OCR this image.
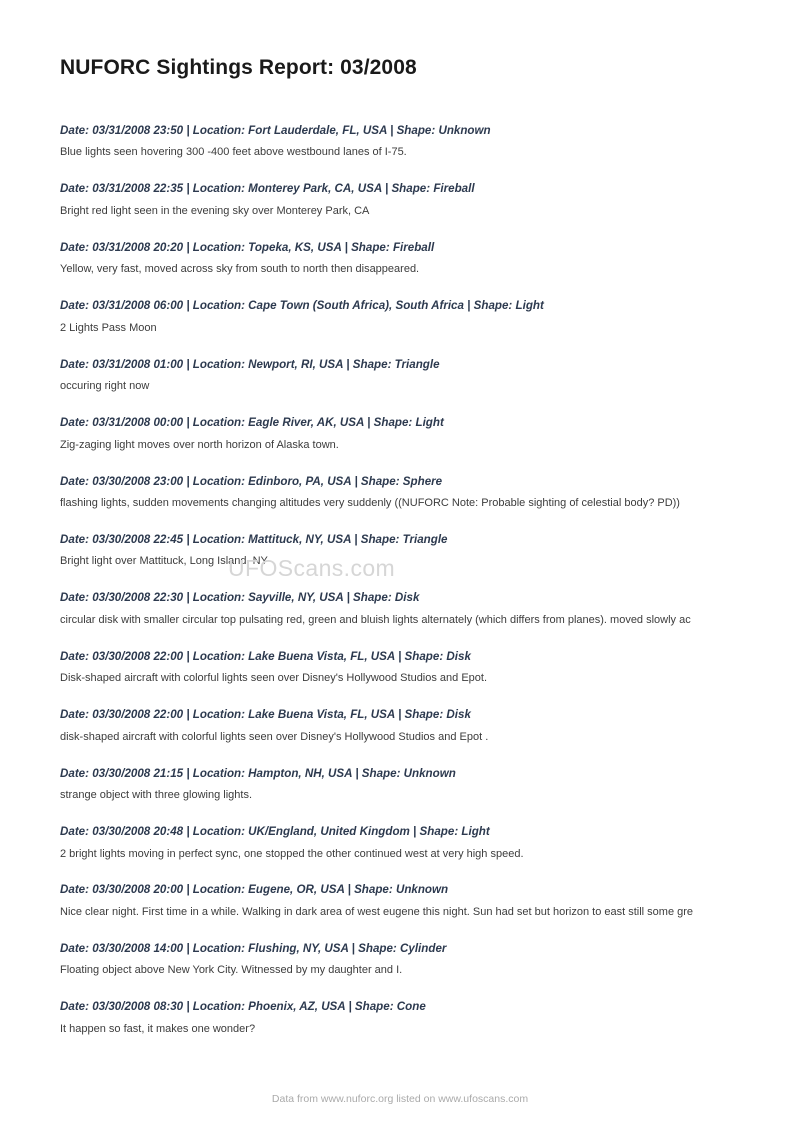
NUFORC Sightings Report: 03/2008
Date: 03/31/2008 23:50 | Location: Fort Lauderdale, FL, USA | Shape: Unknown
Blue lights seen hovering 300 -400 feet above westbound lanes of I-75.
Date: 03/31/2008 22:35 | Location: Monterey Park, CA, USA | Shape: Fireball
Bright red light seen in the evening sky over Monterey Park, CA
Date: 03/31/2008 20:20 | Location: Topeka, KS, USA | Shape: Fireball
Yellow, very fast, moved across sky from south to north then disappeared.
Date: 03/31/2008 06:00 | Location: Cape Town (South Africa), South Africa | Shape: Light
2 Lights Pass Moon
Date: 03/31/2008 01:00 | Location: Newport, RI, USA | Shape: Triangle
occuring right now
Date: 03/31/2008 00:00 | Location: Eagle River, AK, USA | Shape: Light
Zig-zaging light moves over north horizon of Alaska town.
Date: 03/30/2008 23:00 | Location: Edinboro, PA, USA | Shape: Sphere
flashing lights, sudden movements changing altitudes very suddenly ((NUFORC Note: Probable sighting of celestial body? PD))
Date: 03/30/2008 22:45 | Location: Mattituck, NY, USA | Shape: Triangle
Bright light over Mattituck, Long Island, NY
Date: 03/30/2008 22:30 | Location: Sayville, NY, USA | Shape: Disk
circular disk with smaller circular top pulsating red, green and bluish lights alternately (which differs from planes). moved slowly ac
Date: 03/30/2008 22:00 | Location: Lake Buena Vista, FL, USA | Shape: Disk
Disk-shaped aircraft with colorful lights seen over Disney's Hollywood Studios and Epot.
Date: 03/30/2008 22:00 | Location: Lake Buena Vista, FL, USA | Shape: Disk
disk-shaped aircraft with colorful lights seen over Disney's Hollywood Studios and Epot .
Date: 03/30/2008 21:15 | Location: Hampton, NH, USA | Shape: Unknown
strange object with three glowing lights.
Date: 03/30/2008 20:48 | Location: UK/England, United Kingdom | Shape: Light
2 bright lights moving in perfect sync, one stopped the other continued west at very high speed.
Date: 03/30/2008 20:00 | Location: Eugene, OR, USA | Shape: Unknown
Nice clear night. First time in a while. Walking in dark area of west eugene this night. Sun had set but horizon to east still some gre
Date: 03/30/2008 14:00 | Location: Flushing, NY, USA | Shape: Cylinder
Floating object above New York City. Witnessed by my daughter and I.
Date: 03/30/2008 08:30 | Location: Phoenix, AZ, USA | Shape: Cone
It happen so fast, it makes one wonder?
UFOScans.com
Data from www.nuforc.org listed on www.ufoscans.com
